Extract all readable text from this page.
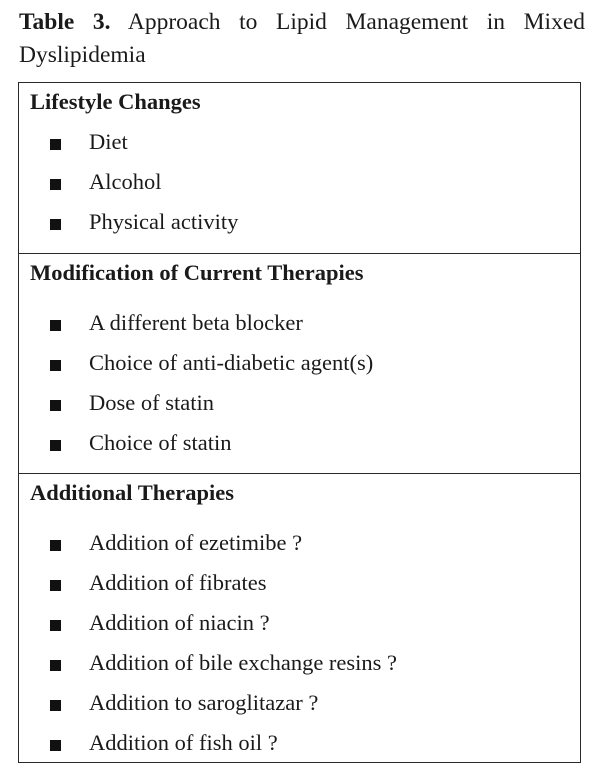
Table 3. Approach to Lipid Management in Mixed Dyslipidemia
Lifestyle Changes
Diet
Alcohol
Physical activity
Modification of Current Therapies
A different beta blocker
Choice of anti-diabetic agent(s)
Dose of statin
Choice of statin
Additional Therapies
Addition of ezetimibe ?
Addition of fibrates
Addition of niacin ?
Addition of bile exchange resins ?
Addition to saroglitazar ?
Addition of fish oil ?
